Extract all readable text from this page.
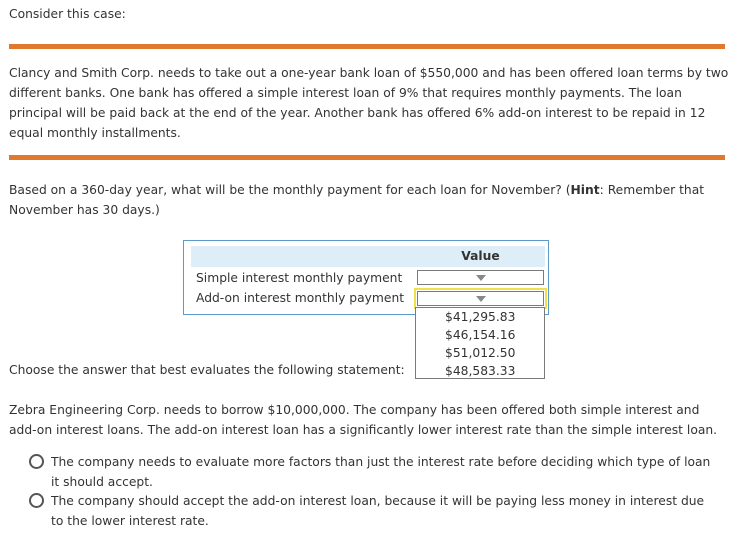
Consider this case:

Clancy and Smith Corp. needs to take out a one-year bank loan of $550,000 and has been offered loan terms by two different banks. One bank has offered a simple interest loan of 9% that requires monthly payments. The loan principal will be paid back at the end of the year. Another bank has offered 6% add-on interest to be repaid in 12 equal monthly installments.

Based on a 360-day year, what will be the monthly payment for each loan for November? (Hint: Remember that November has 30 days.)

Value
Simple interest monthly payment
Add-on interest monthly payment
$41,295.83
$46,154.16
$51,012.50
$48,583.33
Choose the answer that best evaluates the following statement:

Zebra Engineering Corp. needs to borrow $10,000,000. The company has been offered both simple interest and add-on interest loans. The add-on interest loan has a significantly lower interest rate than the simple interest loan.

The company needs to evaluate more factors than just the interest rate before deciding which type of loan it should accept.

The company should accept the add-on interest loan, because it will be paying less money in interest due to the lower interest rate.
